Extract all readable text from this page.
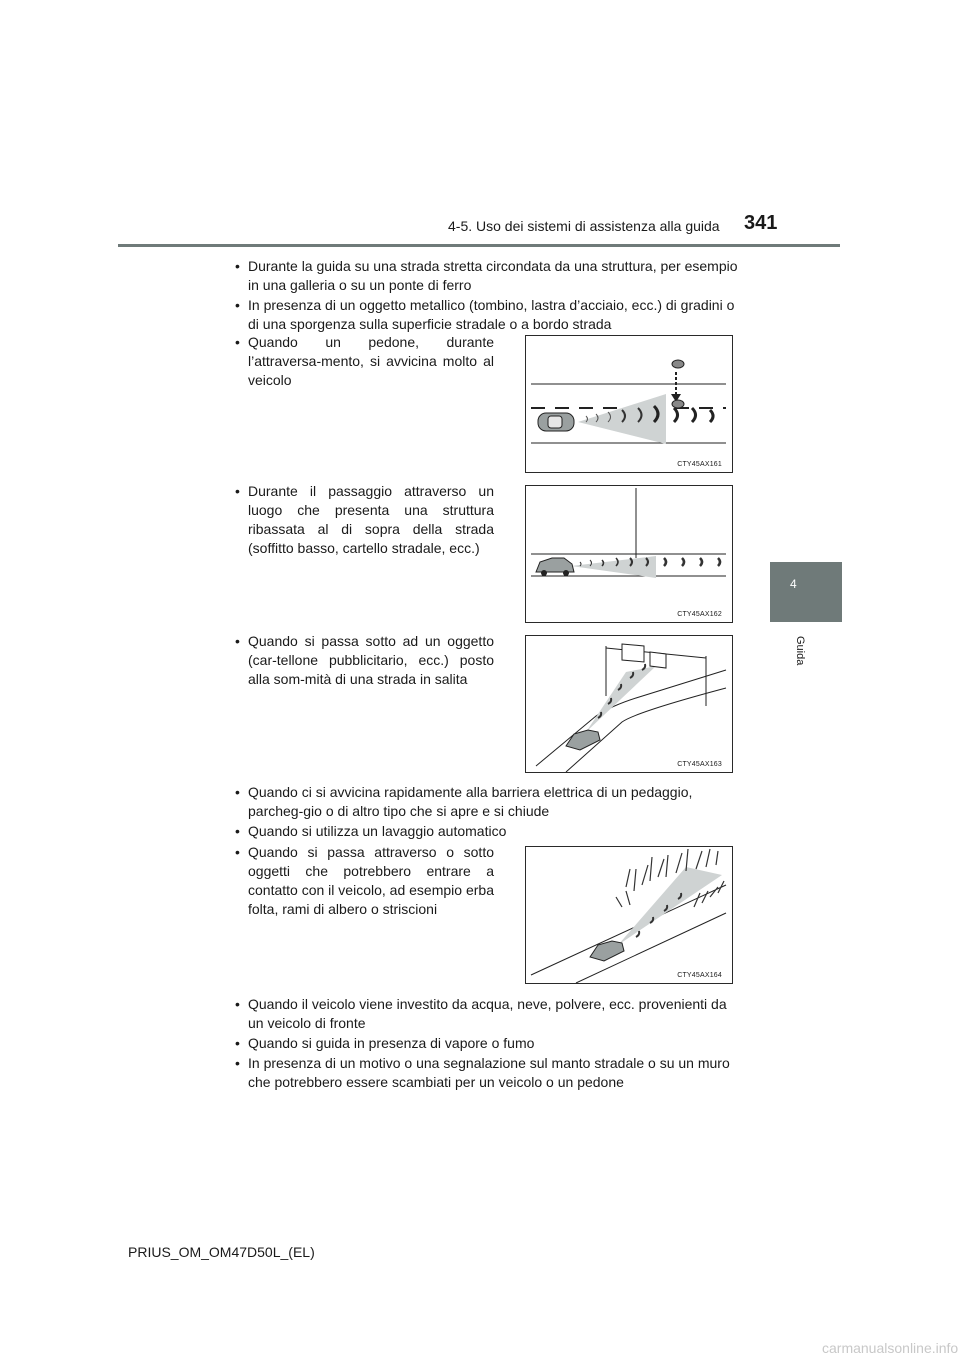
4-5. Uso dei sistemi di assistenza alla guida 341
4
Guida
• Durante la guida su una strada stretta circondata da una struttura, per esempio in una galleria o su un ponte di ferro
• In presenza di un oggetto metallico (tombino, lastra d’acciaio, ecc.) di gradini o di una sporgenza sulla superficie stradale o a bordo strada
• Quando un pedone, durante l’attraversa-mento, si avvicina molto al veicolo
CTY45AX161
• Durante il passaggio attraverso un luogo che presenta una struttura ribassata al di sopra della strada (soffitto basso, cartello stradale, ecc.)
CTY45AX162
• Quando si passa sotto ad un oggetto (car-tellone pubblicitario, ecc.) posto alla som-mità di una strada in salita
CTY45AX163
• Quando ci si avvicina rapidamente alla barriera elettrica di un pedaggio, parcheg-gio o di altro tipo che si apre e si chiude
• Quando si utilizza un lavaggio automatico
• Quando si passa attraverso o sotto oggetti che potrebbero entrare a contatto con il veicolo, ad esempio erba folta, rami di albero o striscioni
CTY45AX164
• Quando il veicolo viene investito da acqua, neve, polvere, ecc. provenienti da un veicolo di fronte
• Quando si guida in presenza di vapore o fumo
• In presenza di un motivo o una segnalazione sul manto stradale o su un muro che potrebbero essere scambiati per un veicolo o un pedone
PRIUS_OM_OM47D50L_(EL)
carmanualsonline.info
